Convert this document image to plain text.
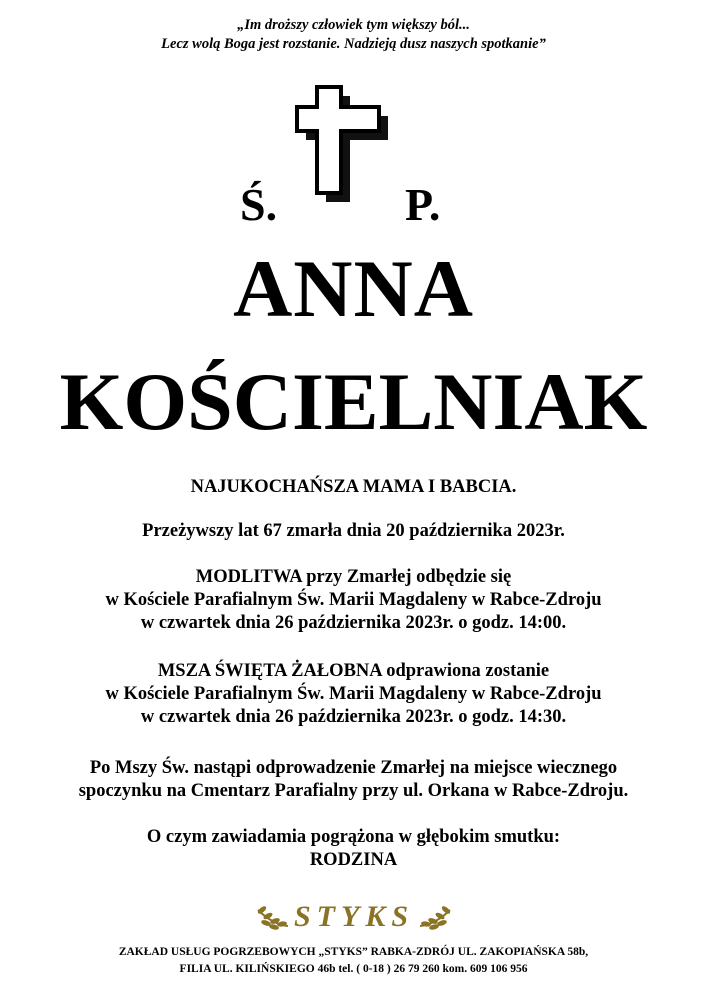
„Im droższy człowiek tym większy ból...
Lecz wolą Boga jest rozstanie. Nadzieją dusz naszych spotkanie”
Ś.	P.
ANNA
KOŚCIELNIAK
NAJUKOCHAŃSZA MAMA I BABCIA.
Przeżywszy lat 67 zmarła dnia 20 października 2023r.
MODLITWA przy Zmarłej odbędzie się
w Kościele Parafialnym Św. Marii Magdaleny w Rabce-Zdroju
w czwartek dnia 26 października 2023r. o godz. 14:00.
MSZA ŚWIĘTA ŻAŁOBNA odprawiona zostanie
w Kościele Parafialnym Św. Marii Magdaleny w Rabce-Zdroju
w czwartek dnia 26 października 2023r. o godz. 14:30.
Po Mszy Św. nastąpi odprowadzenie Zmarłej na miejsce wiecznego
spoczynku na Cmentarz Parafialny przy ul. Orkana w Rabce-Zdroju.
O czym zawiadamia pogrążona w głębokim smutku:
RODZINA
STYKS
ZAKŁAD USŁUG POGRZEBOWYCH „STYKS” RABKA-ZDRÓJ UL. ZAKOPIAŃSKA 58b,
FILIA UL. KILIŃSKIEGO 46b tel. ( 0-18 ) 26 79 260 kom. 609 106 956
